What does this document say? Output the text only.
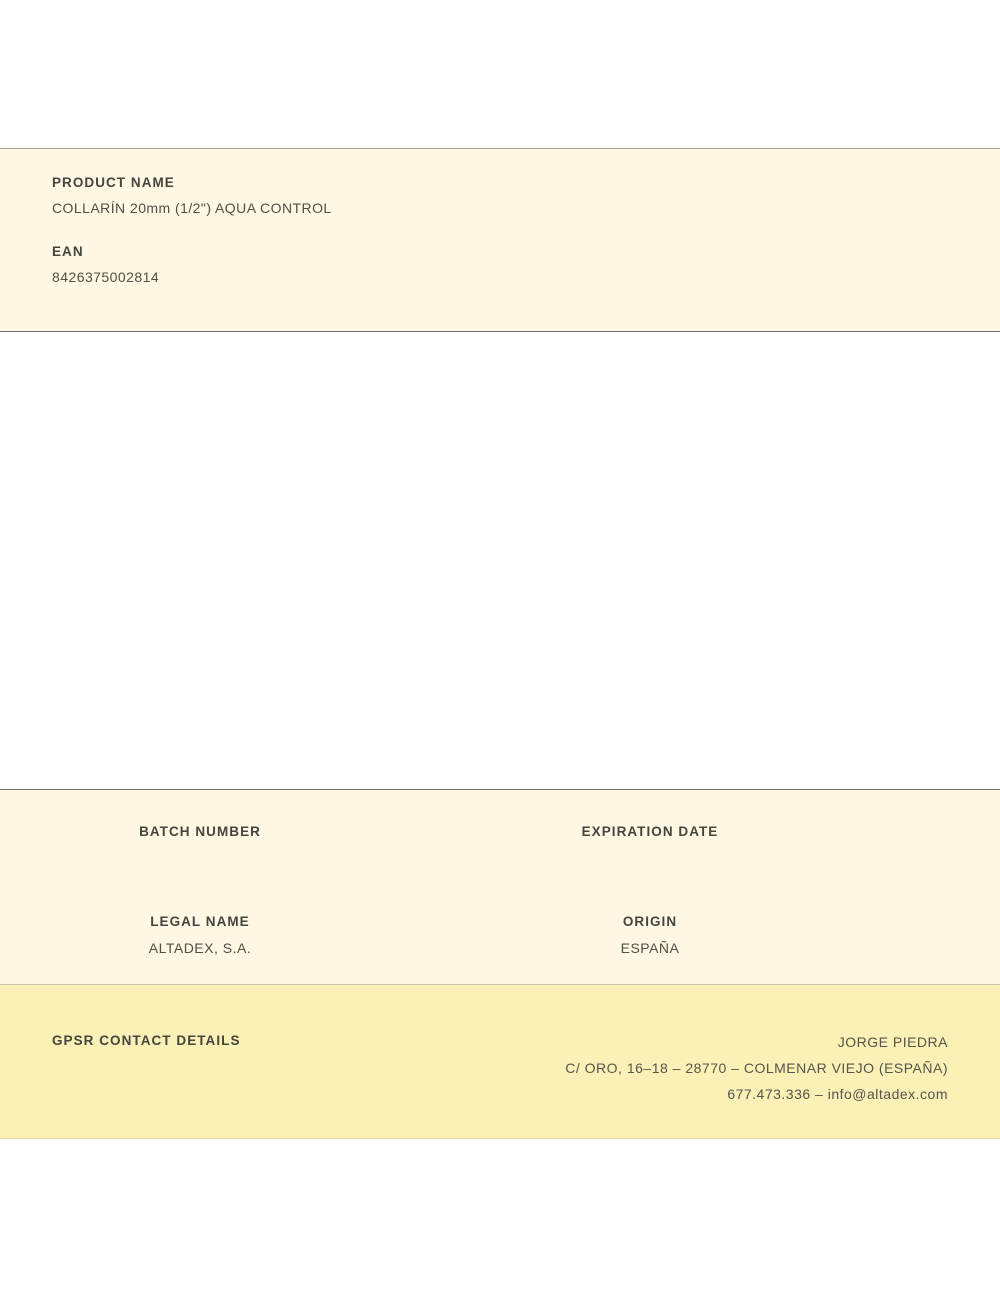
PRODUCT NAME
COLLARÍN 20mm (1/2") AQUA CONTROL
EAN
8426375002814
BATCH NUMBER	EXPIRATION DATE
LEGAL NAME
ALTADEX, S.A.
ORIGIN
ESPAÑA
GPSR CONTACT DETAILS	JORGE PIEDRA
C/ ORO, 16–18 – 28770 – COLMENAR VIEJO (ESPAÑA)
677.473.336 – info@altadex.com
